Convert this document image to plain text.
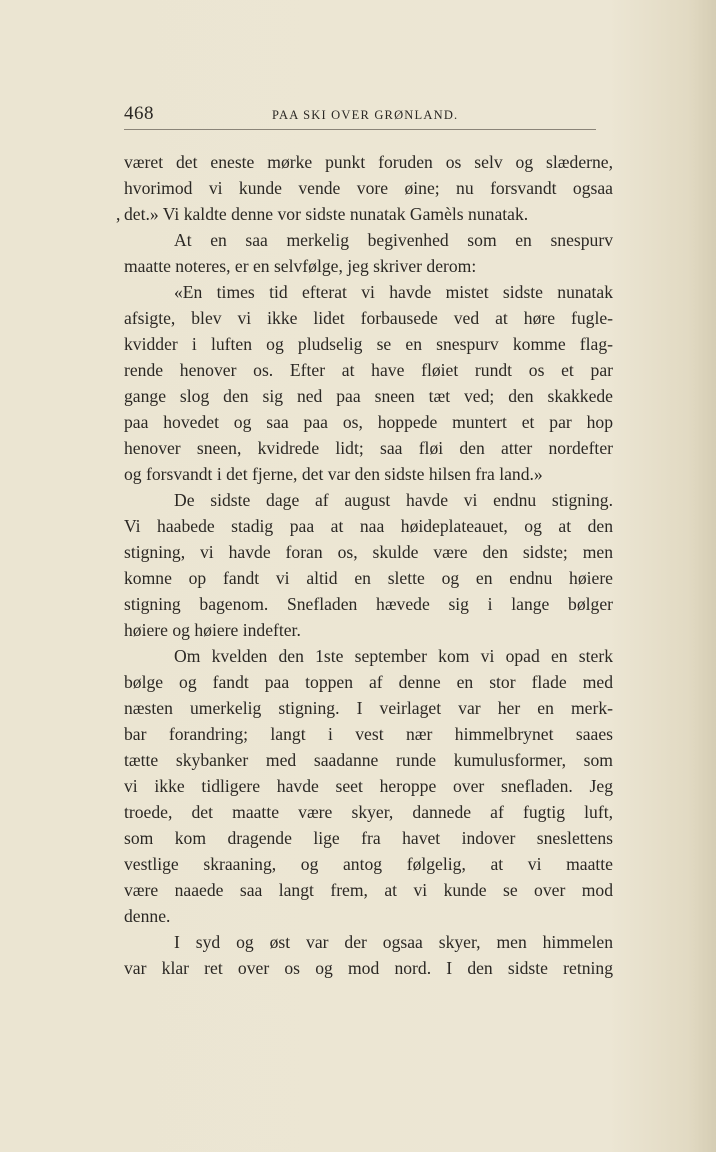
468	PAA SKI OVER GRØNLAND.
været det eneste mørke punkt foruden os selv og slæderne,
hvorimod vi kunde vende vore øine; nu forsvandt ogsaa
, det.» Vi kaldte denne vor sidste nunatak Gamèls nunatak.
At en saa merkelig begivenhed som en snespurv
maatte noteres, er en selvfølge, jeg skriver derom:
«En times tid efterat vi havde mistet sidste nunatak
afsigte, blev vi ikke lidet forbausede ved at høre fugle-
kvidder i luften og pludselig se en snespurv komme flag-
rende henover os. Efter at have fløiet rundt os et par
gange slog den sig ned paa sneen tæt ved; den skakkede
paa hovedet og saa paa os, hoppede muntert et par hop
henover sneen, kvidrede lidt; saa fløi den atter nordefter
og forsvandt i det fjerne, det var den sidste hilsen fra land.»
De sidste dage af august havde vi endnu stigning.
Vi haabede stadig paa at naa høideplateauet, og at den
stigning, vi havde foran os, skulde være den sidste; men
komne op fandt vi altid en slette og en endnu høiere
stigning bagenom. Snefladen hævede sig i lange bølger
høiere og høiere indefter.
Om kvelden den 1ste september kom vi opad en sterk
bølge og fandt paa toppen af denne en stor flade med
næsten umerkelig stigning. I veirlaget var her en merk-
bar forandring; langt i vest nær himmelbrynet saaes
tætte skybanker med saadanne runde kumulusformer, som
vi ikke tidligere havde seet heroppe over snefladen. Jeg
troede, det maatte være skyer, dannede af fugtig luft,
som kom dragende lige fra havet indover sneslettens
vestlige skraaning, og antog følgelig, at vi maatte
være naaede saa langt frem, at vi kunde se over mod
denne.
I syd og øst var der ogsaa skyer, men himmelen
var klar ret over os og mod nord. I den sidste retning
